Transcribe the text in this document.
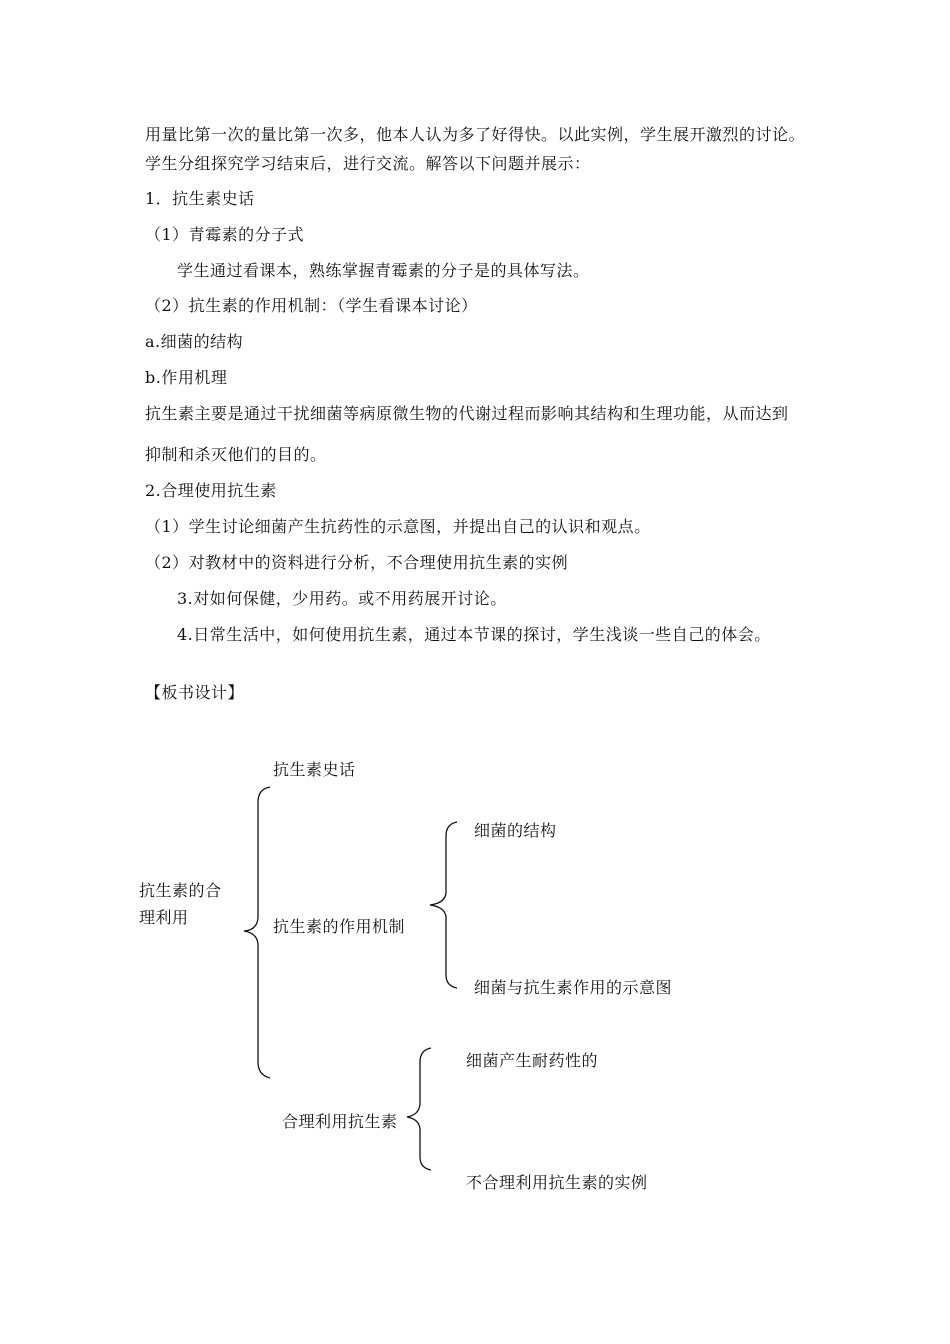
用量比第一次的量比第一次多，他本人认为多了好得快。以此实例，学生展开激烈的讨论。
学生分组探究学习结束后，进行交流。解答以下问题并展示：
1．抗生素史话
（1）青霉素的分子式
学生通过看课本，熟练掌握青霉素的分子是的具体写法。
（2）抗生素的作用机制：（学生看课本讨论）
a.细菌的结构
b.作用机理
抗生素主要是通过干扰细菌等病原微生物的代谢过程而影响其结构和生理功能，从而达到
抑制和杀灭他们的目的。
2.合理使用抗生素
（1）学生讨论细菌产生抗药性的示意图，并提出自己的认识和观点。
（2）对教材中的资料进行分析，不合理使用抗生素的实例
3.对如何保健，少用药。或不用药展开讨论。
4.日常生活中，如何使用抗生素，通过本节课的探讨，学生浅谈一些自己的体会。
【板书设计】
抗生素的合
理利用
抗生素史话
抗生素的作用机制
细菌的结构
细菌与抗生素作用的示意图
合理利用抗生素
细菌产生耐药性的
不合理利用抗生素的实例
